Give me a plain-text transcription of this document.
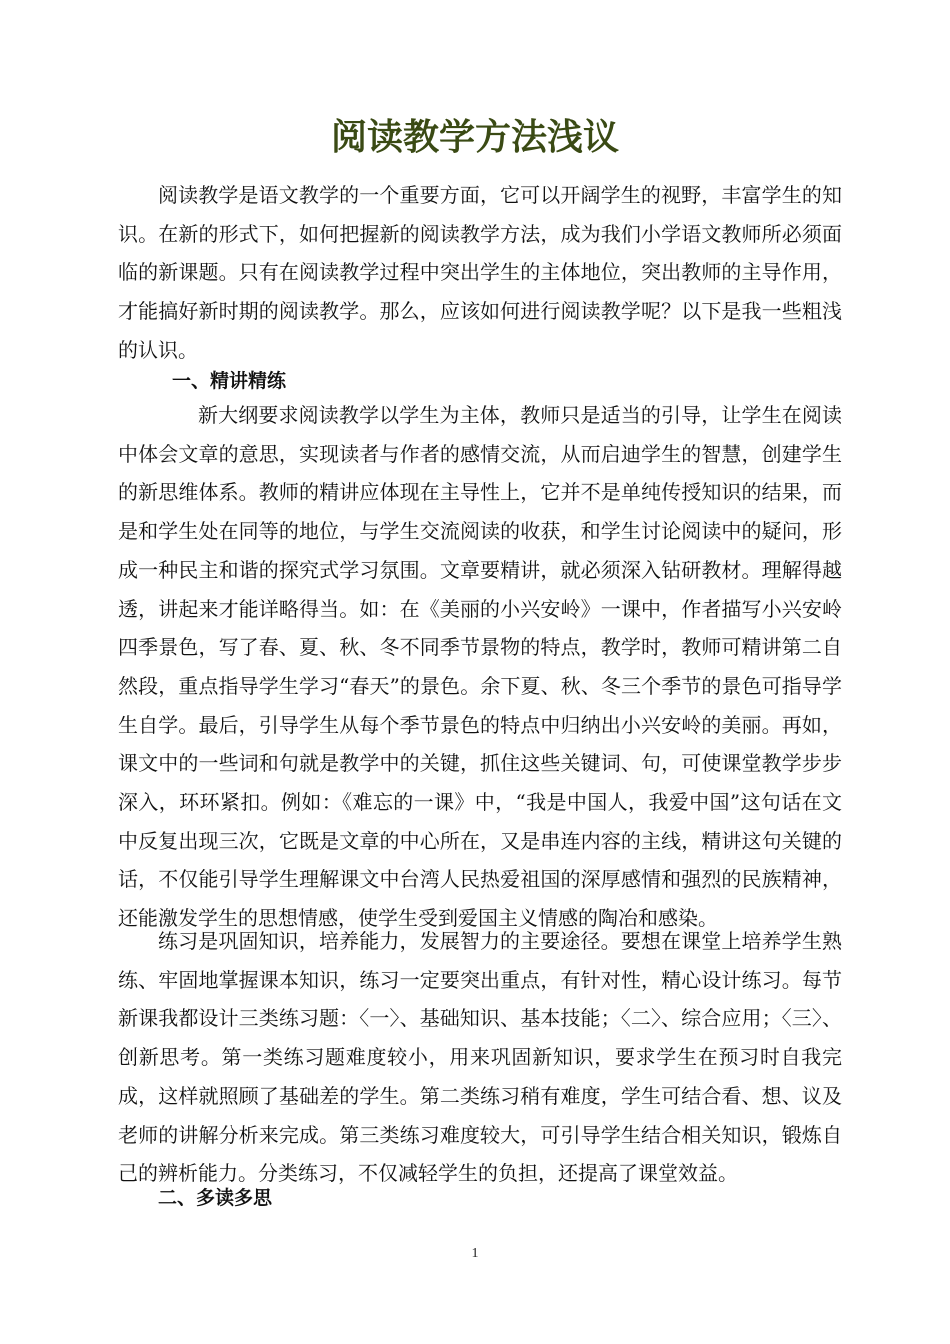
阅读教学方法浅议

阅读教学是语文教学的一个重要方面，它可以开阔学生的视野，丰富学生的知识。在新的形式下，如何把握新的阅读教学方法，成为我们小学语文教师所必须面临的新课题。只有在阅读教学过程中突出学生的主体地位，突出教师的主导作用，才能搞好新时期的阅读教学。那么，应该如何进行阅读教学呢？以下是我一些粗浅的认识。

一、精讲精练

新大纲要求阅读教学以学生为主体，教师只是适当的引导，让学生在阅读中体会文章的意思，实现读者与作者的感情交流，从而启迪学生的智慧，创建学生的新思维体系。教师的精讲应体现在主导性上，它并不是单纯传授知识的结果，而是和学生处在同等的地位，与学生交流阅读的收获，和学生讨论阅读中的疑问，形成一种民主和谐的探究式学习氛围。文章要精讲，就必须深入钻研教材。理解得越透，讲起来才能详略得当。如：在《美丽的小兴安岭》一课中，作者描写小兴安岭四季景色，写了春、夏、秋、冬不同季节景物的特点，教学时，教师可精讲第二自然段，重点指导学生学习“春天”的景色。余下夏、秋、冬三个季节的景色可指导学生自学。最后，引导学生从每个季节景色的特点中归纳出小兴安岭的美丽。再如，课文中的一些词和句就是教学中的关键，抓住这些关键词、句，可使课堂教学步步深入，环环紧扣。例如：《难忘的一课》中，“我是中国人，我爱中国”这句话在文中反复出现三次，它既是文章的中心所在，又是串连内容的主线，精讲这句关键的话，不仅能引导学生理解课文中台湾人民热爱祖国的深厚感情和强烈的民族精神，还能激发学生的思想情感，使学生受到爱国主义情感的陶冶和感染。

练习是巩固知识，培养能力，发展智力的主要途径。要想在课堂上培养学生熟练、牢固地掌握课本知识，练习一定要突出重点，有针对性，精心设计练习。每节新课我都设计三类练习题：〈一〉、基础知识、基本技能；〈二〉、综合应用；〈三〉、创新思考。第一类练习题难度较小，用来巩固新知识，要求学生在预习时自我完成，这样就照顾了基础差的学生。第二类练习稍有难度，学生可结合看、想、议及老师的讲解分析来完成。第三类练习难度较大，可引导学生结合相关知识，锻炼自己的辨析能力。分类练习，不仅减轻学生的负担，还提高了课堂效益。

二、多读多思
1
